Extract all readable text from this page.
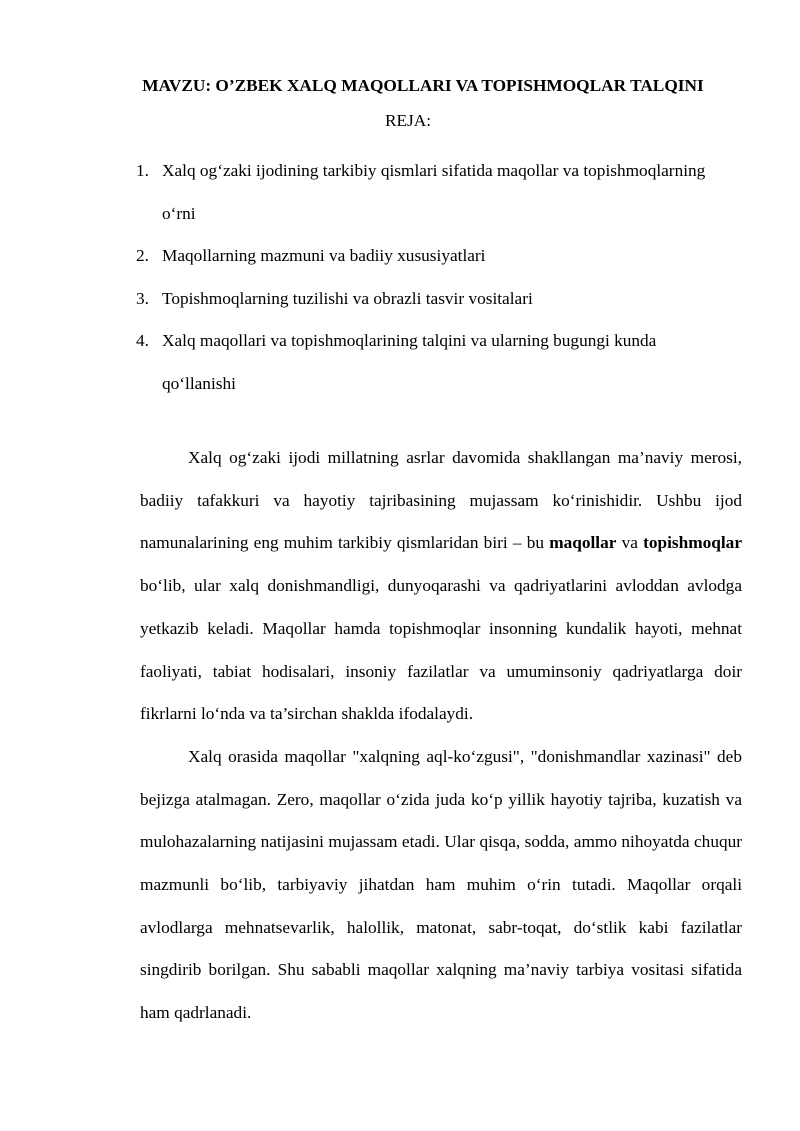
MAVZU: O’ZBEK XALQ MAQOLLARI VA TOPISHMOQLAR TALQINI
REJA:
1. Xalq og‘zaki ijodining tarkibiy qismlari sifatida maqollar va topishmoqlarning o‘rni
2. Maqollarning mazmuni va badiiy xususiyatlari
3. Topishmoqlarning tuzilishi va obrazli tasvir vositalari
4. Xalq maqollari va topishmoqlarining talqini va ularning bugungi kunda qo‘llanishi

Xalq og‘zaki ijodi millatning asrlar davomida shakllangan ma’naviy merosi, badiiy tafakkuri va hayotiy tajribasining mujassam ko‘rinishidir. Ushbu ijod namunalarining eng muhim tarkibiy qismlaridan biri – bu maqollar va topishmoqlar bo‘lib, ular xalq donishmandligi, dunyoqarashi va qadriyatlarini avloddan avlodga yetkazib keladi. Maqollar hamda topishmoqlar insonning kundalik hayoti, mehnat faoliyati, tabiat hodisalari, insoniy fazilatlar va umuminsoniy qadriyatlarga doir fikrlarni lo‘nda va ta’sirchan shaklda ifodalaydi.

Xalq orasida maqollar "xalqning aql-ko‘zgusi", "donishmandlar xazinasi" deb bejizga atalmagan. Zero, maqollar o‘zida juda ko‘p yillik hayotiy tajriba, kuzatish va mulohazalarning natijasini mujassam etadi. Ular qisqa, sodda, ammo nihoyatda chuqur mazmunli bo‘lib, tarbiyaviy jihatdan ham muhim o‘rin tutadi. Maqollar orqali avlodlarga mehnatsevarlik, halollik, matonat, sabr-toqat, do‘stlik kabi fazilatlar singdirib borilgan. Shu sababli maqollar xalqning ma’naviy tarbiya vositasi sifatida ham qadrlanadi.
